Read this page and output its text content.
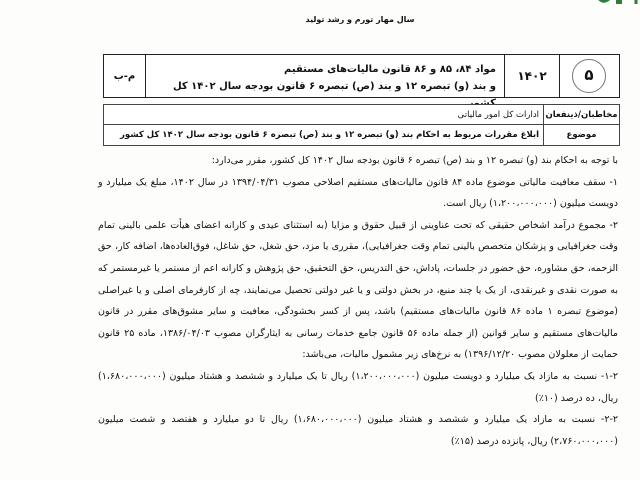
سال مهار تورم و رشد تولید
م-ب
مواد ۸۴، ۸۵ و ۸۶ قانون مالیات‌های مستقیم
و بند (و) تبصره ۱۲ و بند (ص) تبصره ۶ قانون بودجه سال ۱۴۰۲ کل
۱۴۰۲	۵
مخاطبان/ذینفعان
ادارات کل امور مالیاتی
موضوع
ابلاغ مقررات مربوط به احکام بند (و) تبصره ۱۲ و بند (ص) تبصره ۶ قانون بودجه سال ۱۴۰۲ کل کشور

با توجه به احکام بند (و) تبصره ۱۲ و بند (ص) تبصره ۶ قانون بودجه سال ۱۴۰۲ کل کشور، مقرر می‌دارد:

۱- سقف معافیت مالیاتی موضوع ماده ۸۴ قانون مالیات‌های مستقیم اصلاحی مصوب ۱۳۹۴/۰۴/۳۱ در سال ۱۴۰۲، مبلغ یک میلیارد و دویست میلیون (۱،۲۰۰،۰۰۰،۰۰۰) ریال است.

۲- مجموع درآمد اشخاص حقیقی که تحت عناوینی از قبیل حقوق و مزایا (به استثنای عیدی و کارانه اعضای هیأت علمی بالینی تمام وقت جغرافیایی و پزشکان متخصص بالینی تمام وقت جغرافیایی)، مقرری یا مزد، حق شغل، حق شاغل، فوق‌العاده‌ها، اضافه کار، حق الزحمه، حق مشاوره، حق حضور در جلسات، پاداش، حق التدریس، حق التحقیق، حق پژوهش و کارانه اعم از مستمر یا غیرمستمر که به صورت نقدی و غیرنقدی، از یک یا چند منبع، در بخش دولتی و یا غیر دولتی تحصیل می‌نمایند، چه از کارفرمای اصلی و یا غیراصلی (موضوع تبصره ۱ ماده ۸۶ قانون مالیات‌های مستقیم) باشد، پس از کسر بخشودگی، معافیت و سایر مشوق‌های مقرر در قانون مالیات‌های مستقیم و سایر قوانین (از جمله ماده ۵۶ قانون جامع خدمات رسانی به ایثارگران مصوب ۱۳۸۶/۰۴/۰۳، ماده ۲۵ قانون حمایت از معلولان مصوب ۱۳۹۶/۱۲/۲۰) به نرخ‌های زیر مشمول مالیات، می‌باشد:

۱-۲- نسبت به مازاد یک میلیارد و دویست میلیون (۱،۲۰۰،۰۰۰،۰۰۰) ریال تا یک میلیارد و ششصد و هشتاد میلیون (۱،۶۸۰،۰۰۰،۰۰۰) ریال، ده درصد (۱۰٪)

۲-۲- نسبت به مازاد یک میلیارد و ششصد و هشتاد میلیون (۱،۶۸۰،۰۰۰،۰۰۰) ریال تا دو میلیارد و هفتصد و شصت میلیون (۲،۷۶۰،۰۰۰،۰۰۰) ریال، پانزده درصد (۱۵٪)
